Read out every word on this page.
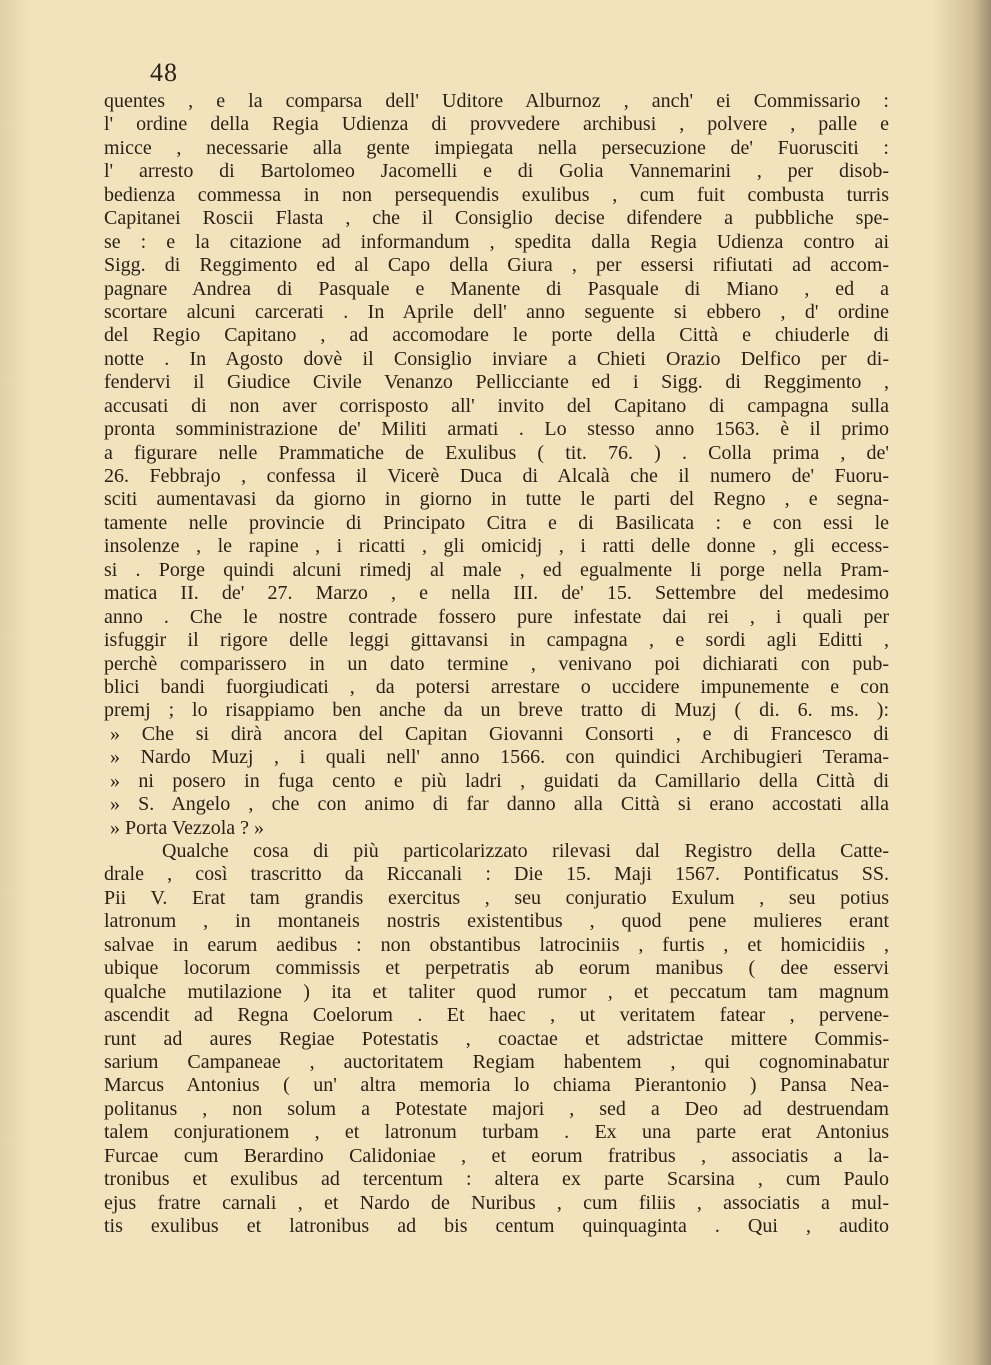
48
quentes , e la comparsa dell' Uditore Alburnoz , anch' ei Commissario :
l' ordine della Regia Udienza di provvedere archibusi , polvere , palle e
micce , necessarie alla gente impiegata nella persecuzione de' Fuorusciti :
l' arresto di Bartolomeo Jacomelli e di Golia Vannemarini , per disob-
bedienza commessa in non persequendis exulibus , cum fuit combusta turris
Capitanei Roscii Flasta , che il Consiglio decise difendere a pubbliche spe-
se : e la citazione ad informandum , spedita dalla Regia Udienza contro ai
Sigg. di Reggimento ed al Capo della Giura , per essersi rifiutati ad accom-
pagnare Andrea di Pasquale e Manente di Pasquale di Miano , ed a
scortare alcuni carcerati . In Aprile dell' anno seguente si ebbero , d' ordine
del Regio Capitano , ad accomodare le porte della Città e chiuderle di
notte . In Agosto dovè il Consiglio inviare a Chieti Orazio Delfico per di-
fendervi il Giudice Civile Venanzo Pellicciante ed i Sigg. di Reggimento ,
accusati di non aver corrisposto all' invito del Capitano di campagna sulla
pronta somministrazione de' Militi armati . Lo stesso anno 1563. è il primo
a figurare nelle Prammatiche de Exulibus ( tit. 76. ) . Colla prima , de'
26. Febbrajo , confessa il Vicerè Duca di Alcalà che il numero de' Fuoru-
sciti aumentavasi da giorno in giorno in tutte le parti del Regno , e segna-
tamente nelle provincie di Principato Citra e di Basilicata : e con essi le
insolenze , le rapine , i ricatti , gli omicidj , i ratti delle donne , gli eccess-
si . Porge quindi alcuni rimedj al male , ed egualmente li porge nella Pram-
matica II. de' 27. Marzo , e nella III. de' 15. Settembre del medesimo
anno . Che le nostre contrade fossero pure infestate dai rei , i quali per
isfuggir il rigore delle leggi gittavansi in campagna , e sordi agli Editti ,
perchè comparissero in un dato termine , venivano poi dichiarati con pub-
blici bandi fuorgiudicati , da potersi arrestare o uccidere impunemente e con
premj ; lo risappiamo ben anche da un breve tratto di Muzj ( di. 6. ms. ):
» Che si dirà ancora del Capitan Giovanni Consorti , e di Francesco di
» Nardo Muzj , i quali nell' anno 1566. con quindici Archibugieri Terama-
» ni posero in fuga cento e più ladri , guidati da Camillario della Città di
» S. Angelo , che con animo di far danno alla Città si erano accostati alla
» Porta Vezzola ? »
Qualche cosa di più particolarizzato rilevasi dal Registro della Catte-
drale , così trascritto da Riccanali : Die 15. Maji 1567. Pontificatus SS.
Pii V. Erat tam grandis exercitus , seu conjuratio Exulum , seu potius
latronum , in montaneis nostris existentibus , quod pene mulieres erant
salvae in earum aedibus : non obstantibus latrociniis , furtis , et homicidiis ,
ubique locorum commissis et perpetratis ab eorum manibus ( dee esservi
qualche mutilazione ) ita et taliter quod rumor , et peccatum tam magnum
ascendit ad Regna Coelorum . Et haec , ut veritatem fatear , pervene-
runt ad aures Regiae Potestatis , coactae et adstrictae mittere Commis-
sarium Campaneae , auctoritatem Regiam habentem , qui cognominabatur
Marcus Antonius ( un' altra memoria lo chiama Pierantonio ) Pansa Nea-
politanus , non solum a Potestate majori , sed a Deo ad destruendam
talem conjurationem , et latronum turbam . Ex una parte erat Antonius
Furcae cum Berardino Calidoniae , et eorum fratribus , associatis a la-
tronibus et exulibus ad tercentum : altera ex parte Scarsina , cum Paulo
ejus fratre carnali , et Nardo de Nuribus , cum filiis , associatis a mul-
tis exulibus et latronibus ad bis centum quinquaginta . Qui , audito
